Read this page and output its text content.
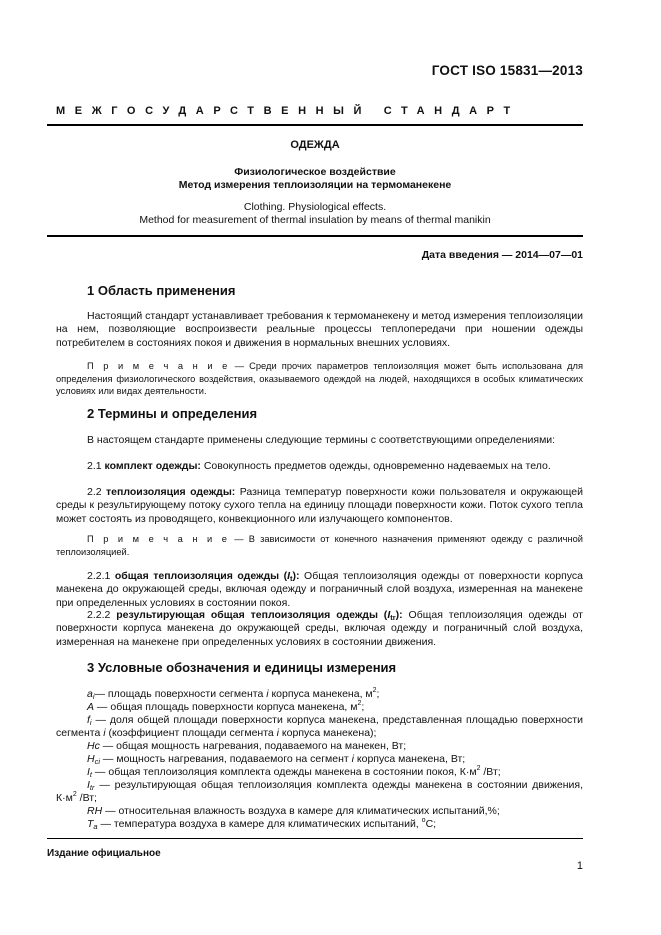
ГОСТ ISO 15831—2013
МЕЖГОСУДАРСТВЕННЫЙ СТАНДАРТ
ОДЕЖДА
Физиологическое воздействие
Метод измерения теплоизоляции на термоманекене
Clothing. Physiological effects.
Method for measurement of thermal insulation by means of thermal manikin
Дата введения — 2014—07—01
1 Область применения
Настоящий стандарт устанавливает требования к термоманекену и метод измерения теплоизоляции на нем, позволяющие воспроизвести реальные процессы теплопередачи при ношении одежды потребителем в состояниях покоя и движения в нормальных внешних условиях.
П р и м е ч а н и е — Среди прочих параметров теплоизоляция может быть использована для определения физиологического воздействия, оказываемого одеждой на людей, находящихся в особых климатических условиях или видах деятельности.
2 Термины и определения
В настоящем стандарте применены следующие термины с соответствующими определениями:
2.1 комплект одежды: Совокупность предметов одежды, одновременно надеваемых на тело.
2.2 теплоизоляция одежды: Разница температур поверхности кожи пользователя и окружающей среды к результирующему потоку сухого тепла на единицу площади поверхности кожи. Поток сухого тепла может состоять из проводящего, конвекционного или излучающего компонентов.
П р и м е ч а н и е — В зависимости от конечного назначения применяют одежду с различной теплоизоляцией.
2.2.1 общая теплоизоляция одежды $(I_t)$: Общая теплоизоляция одежды от поверхности корпуса манекена до окружающей среды, включая одежду и пограничный слой воздуха, измеренная на манекене при определенных условиях в состоянии покоя.
2.2.2 результирующая общая теплоизоляция одежды $(I_{tr})$: Общая теплоизоляция одежды от поверхности корпуса манекена до окружающей среды, включая одежду и пограничный слой воздуха, измеренная на манекене при определенных условиях в состоянии движения.
3 Условные обозначения и единицы измерения
$a_i—$ площадь поверхности сегмента i корпуса манекена, $м^2$;
A — общая площадь поверхности корпуса манекена, $м^2$;
$f_i$ — доля общей площади поверхности корпуса манекена, представленная площадью поверхности сегмента i (коэффициент площади сегмента i корпуса манекена);
Hc — общая мощность нагревания, подаваемого на манекен, Вт;
$H_{ci}$ — мощность нагревания, подаваемого на сегмент i корпуса манекена, Вт;
$I_t$ — общая теплоизоляция комплекта одежды манекена в состоянии покоя, $К\cdot м^2$ /Вт;
$I_{tr}$ — результирующая общая теплоизоляция комплекта одежды манекена в состоянии движения, $К\cdot м^2$ /Вт;
RH — относительная влажность воздуха в камере для климатических испытаний,%;
$T_a$ — температура воздуха в камере для климатических испытаний, $^o$С;
Издание официальное
1
